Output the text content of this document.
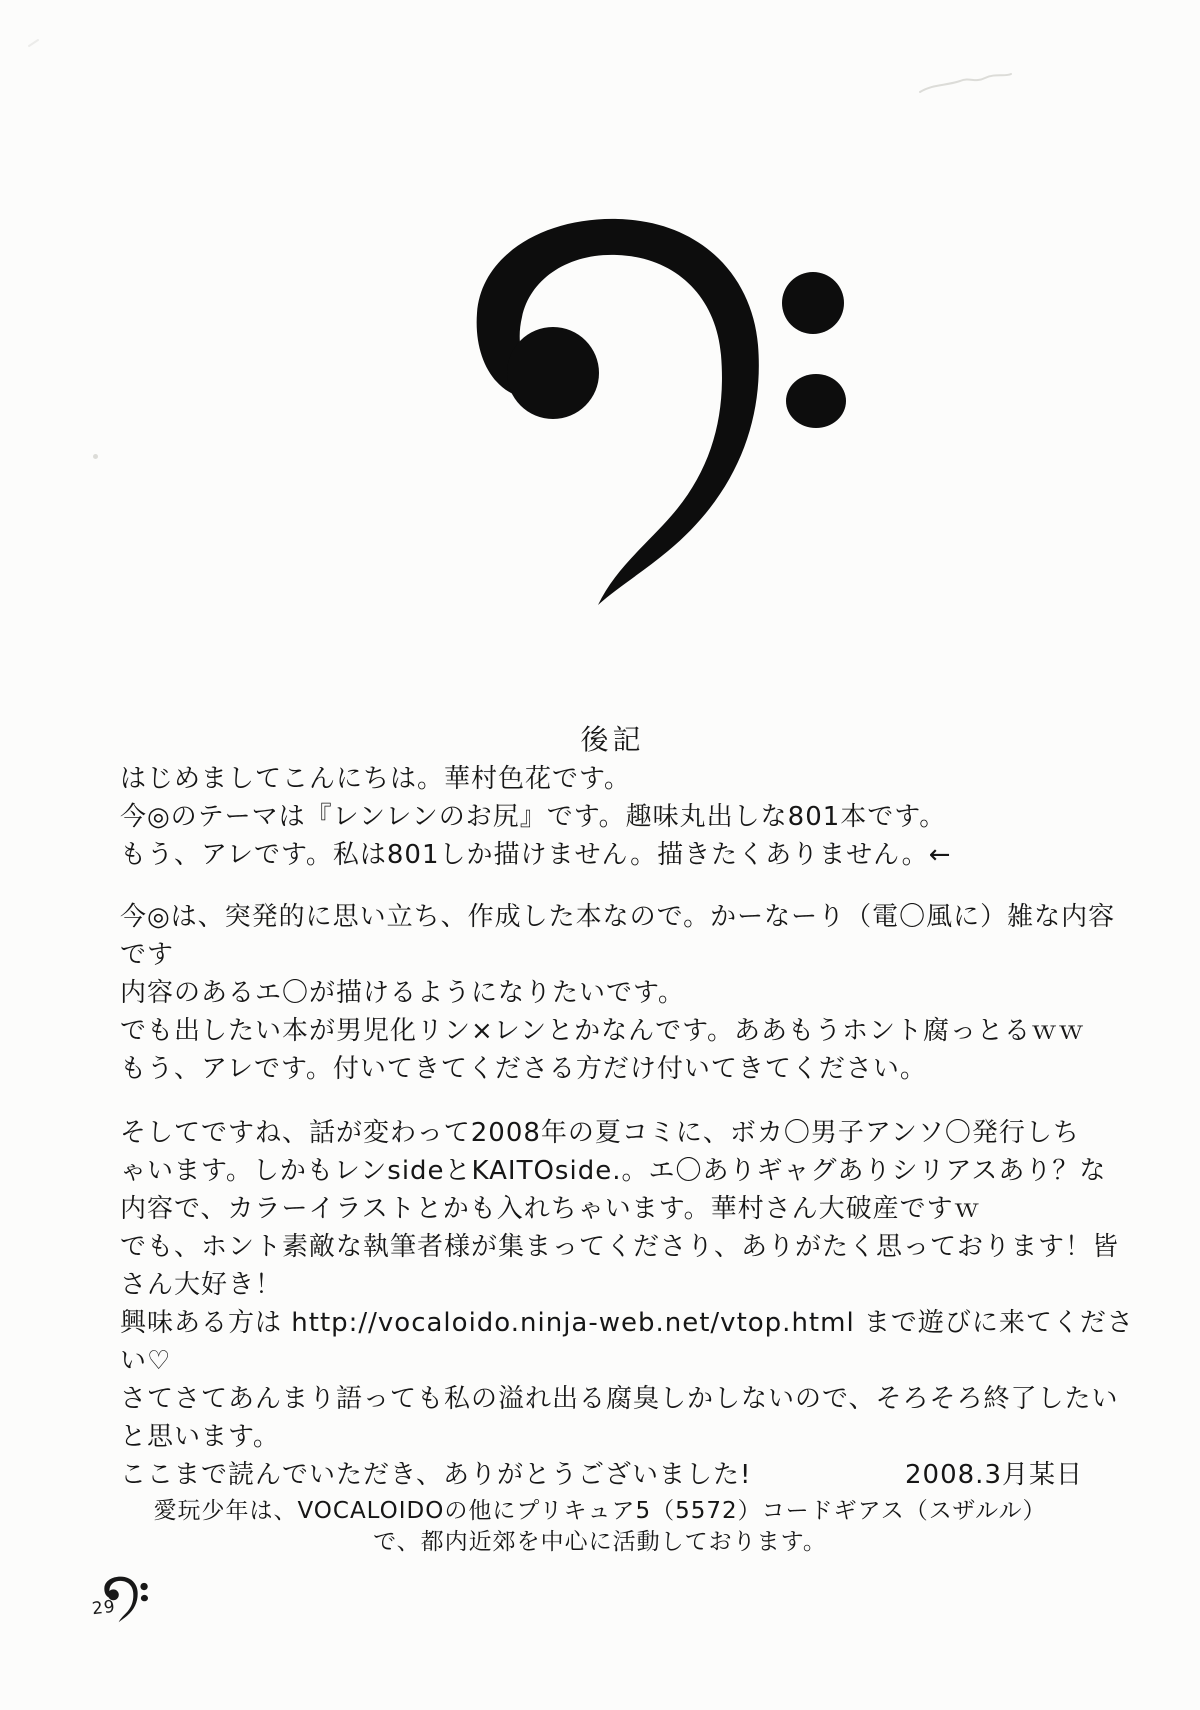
後記
はじめましてこんにちは。華村色花です。
今◎のテーマは『レンレンのお尻』です。趣味丸出しな801本です。
もう、アレです。私は801しか描けません。描きたくありません。←
今◎は、突発的に思い立ち、作成した本なので。かーなーり（電〇風に）雑な内容
です
内容のあるエ〇が描けるようになりたいです。
でも出したい本が男児化リン×レンとかなんです。ああもうホント腐っとるｗｗ
もう、アレです。付いてきてくださる方だけ付いてきてください。
そしてですね、話が変わって2008年の夏コミに、ボカ〇男子アンソ〇発行しち
ゃいます。しかもレンsideとKAITOside.。エ〇ありギャグありシリアスあり？な
内容で、カラーイラストとかも入れちゃいます。華村さん大破産ですｗ
でも、ホント素敵な執筆者様が集まってくださり、ありがたく思っております！皆
さん大好き！
興味ある方は http://vocaloido.ninja-web.net/vtop.html まで遊びに来てくださ
い♡
さてさてあんまり語っても私の溢れ出る腐臭しかしないので、そろそろ終了したい
と思います。
ここまで読んでいただき、ありがとうございました!	2008.3月某日
愛玩少年は、VOCALOIDOの他にプリキュア5（5572）コードギアス（スザルル）
で、都内近郊を中心に活動しております。
29
